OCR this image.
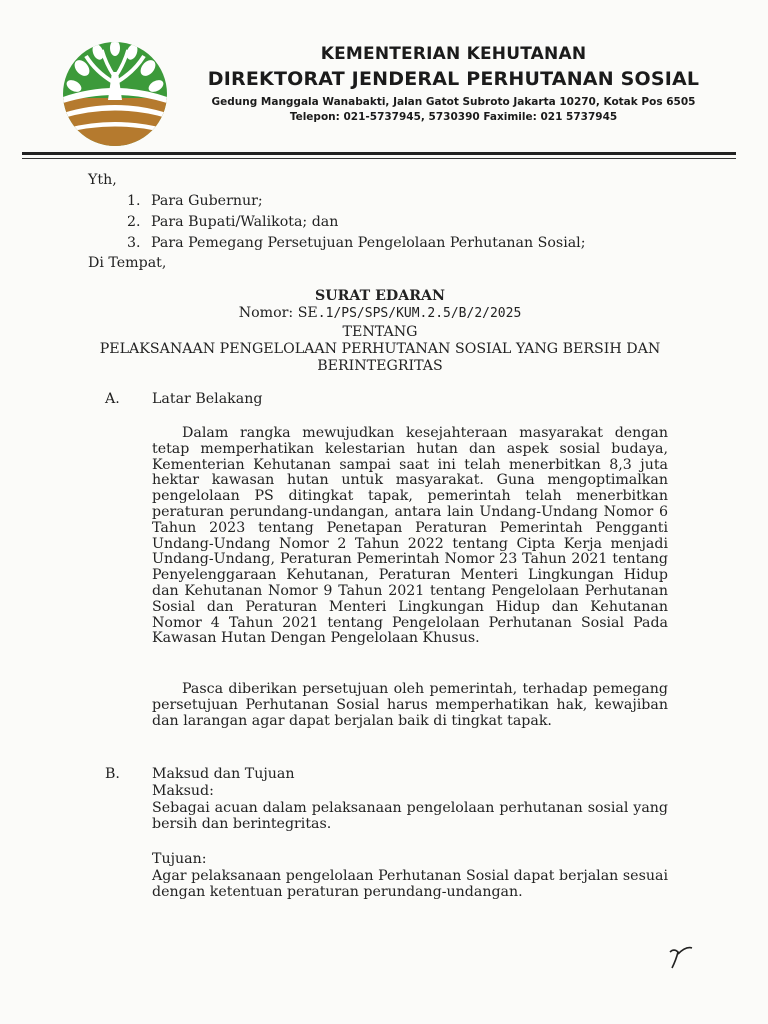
KEMENTERIAN KEHUTANAN
DIREKTORAT JENDERAL PERHUTANAN SOSIAL
Gedung Manggala Wanabakti, Jalan Gatot Subroto Jakarta 10270, Kotak Pos 6505
Telepon: 021-5737945, 5730390 Faximile: 021 5737945
Yth,
1. Para Gubernur;
2. Para Bupati/Walikota; dan
3. Para Pemegang Persetujuan Pengelolaan Perhutanan Sosial;
Di Tempat,
SURAT EDARAN
Nomor: SE.1/PS/SPS/KUM.2.5/B/2/2025
TENTANG
PELAKSANAAN PENGELOLAAN PERHUTANAN SOSIAL YANG BERSIH DAN BERINTEGRITAS
A. Latar Belakang

Dalam rangka mewujudkan kesejahteraan masyarakat dengan tetap memperhatikan kelestarian hutan dan aspek sosial budaya, Kementerian Kehutanan sampai saat ini telah menerbitkan 8,3 juta hektar kawasan hutan untuk masyarakat. Guna mengoptimalkan pengelolaan PS ditingkat tapak, pemerintah telah menerbitkan peraturan perundang-undangan, antara lain Undang-Undang Nomor 6 Tahun 2023 tentang Penetapan Peraturan Pemerintah Pengganti Undang-Undang Nomor 2 Tahun 2022 tentang Cipta Kerja menjadi Undang-Undang, Peraturan Pemerintah Nomor 23 Tahun 2021 tentang Penyelenggaraan Kehutanan, Peraturan Menteri Lingkungan Hidup dan Kehutanan Nomor 9 Tahun 2021 tentang Pengelolaan Perhutanan Sosial dan Peraturan Menteri Lingkungan Hidup dan Kehutanan Nomor 4 Tahun 2021 tentang Pengelolaan Perhutanan Sosial Pada Kawasan Hutan Dengan Pengelolaan Khusus.

Pasca diberikan persetujuan oleh pemerintah, terhadap pemegang persetujuan Perhutanan Sosial harus memperhatikan hak, kewajiban dan larangan agar dapat berjalan baik di tingkat tapak.

B. Maksud dan Tujuan
Maksud:

Sebagai acuan dalam pelaksanaan pengelolaan perhutanan sosial yang bersih dan berintegritas.

Tujuan:

Agar pelaksanaan pengelolaan Perhutanan Sosial dapat berjalan sesuai dengan ketentuan peraturan perundang-undangan.
